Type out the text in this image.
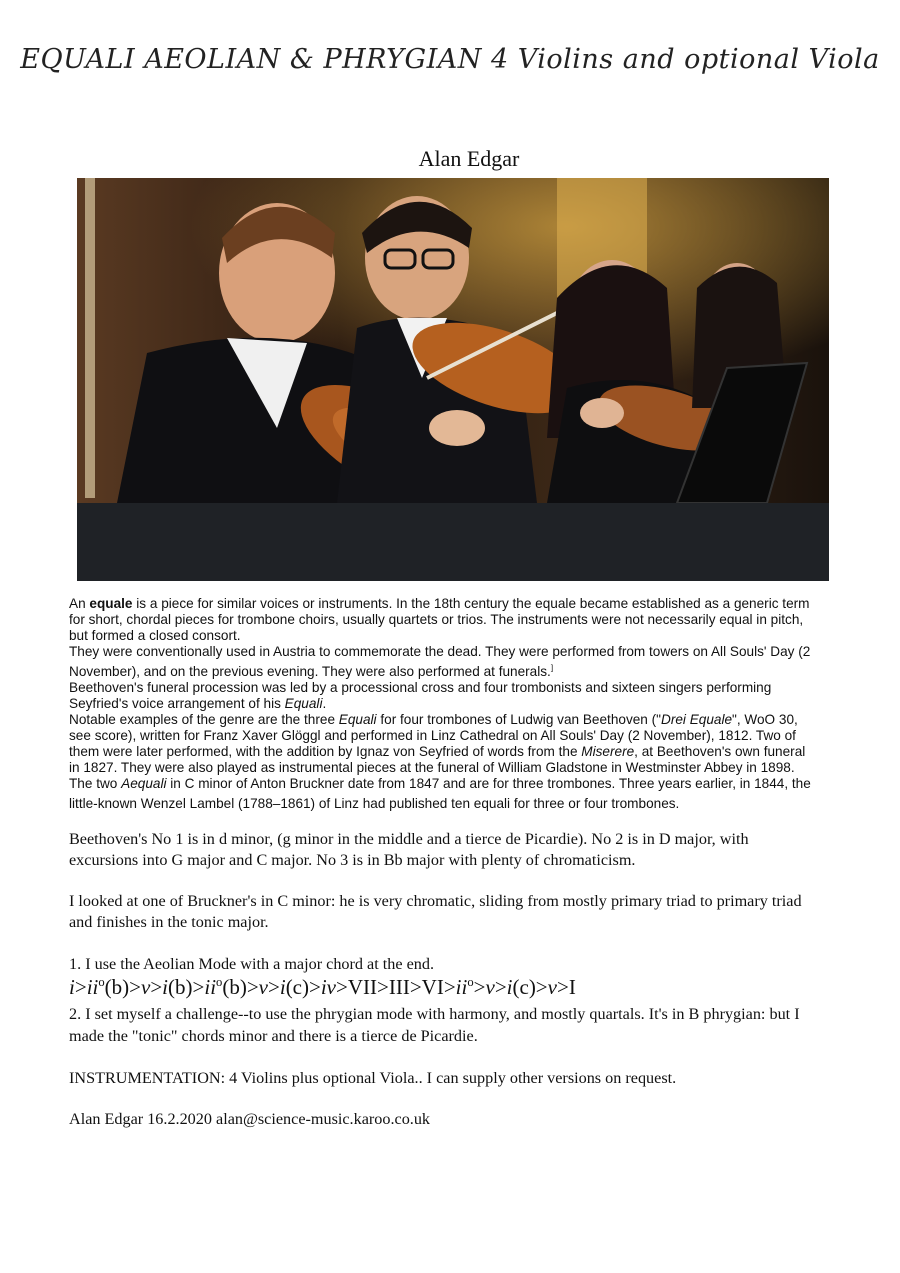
EQUALI AEOLIAN & PHRYGIAN 4 Violins and optional Viola
Alan Edgar

An equale is a piece for similar voices or instruments. In the 18th century the equale became established as a generic term

for short, chordal pieces for trombone choirs, usually quartets or trios. The instruments were not necessarily equal in pitch,

but formed a closed consort.

They were conventionally used in Austria to commemorate the dead. They were performed from towers on All Souls' Day (2

November), and on the previous evening. They were also performed at funerals.]

Beethoven's funeral procession was led by a processional cross and four trombonists and sixteen singers performing

Seyfried's voice arrangement of his Equali.

Notable examples of the genre are the three Equali for four trombones of Ludwig van Beethoven ("Drei Equale", WoO 30,

see score), written for Franz Xaver Glöggl and performed in Linz Cathedral on All Souls' Day (2 November), 1812. Two of

them were later performed, with the addition by Ignaz von Seyfried of words from the Miserere, at Beethoven's own funeral

in 1827. They were also played as instrumental pieces at the funeral of William Gladstone in Westminster Abbey in 1898.

The two Aequali in C minor of Anton Bruckner date from 1847 and are for three trombones. Three years earlier, in 1844, the

little-known Wenzel Lambel (1788–1861) of Linz had published ten equali for three or four trombones.

Beethoven's No 1 is in d minor, (g minor in the middle and a tierce de Picardie). No 2 is in D major, with

excursions into G major and C major. No 3 is in Bb major with plenty of chromaticism.

I looked at one of Bruckner's in C minor: he is very chromatic, sliding from mostly primary triad to primary triad

and finishes in the tonic major.

1. I use the Aeolian Mode with a major chord at the end.

$i>ii^o(b)>v>i(b)>ii^o(b)>v>i(c)>iv>VII>III>VI>ii^o>v>i(c)>v>I$

2. I set myself a challenge--to use the phrygian mode with harmony, and mostly quartals. It's in B phrygian: but I

made the "tonic" chords minor and there is a tierce de Picardie.

INSTRUMENTATION: 4 Violins plus optional Viola.. I can supply other versions on request.

Alan Edgar 16.2.2020 alan@science-music.karoo.co.uk
